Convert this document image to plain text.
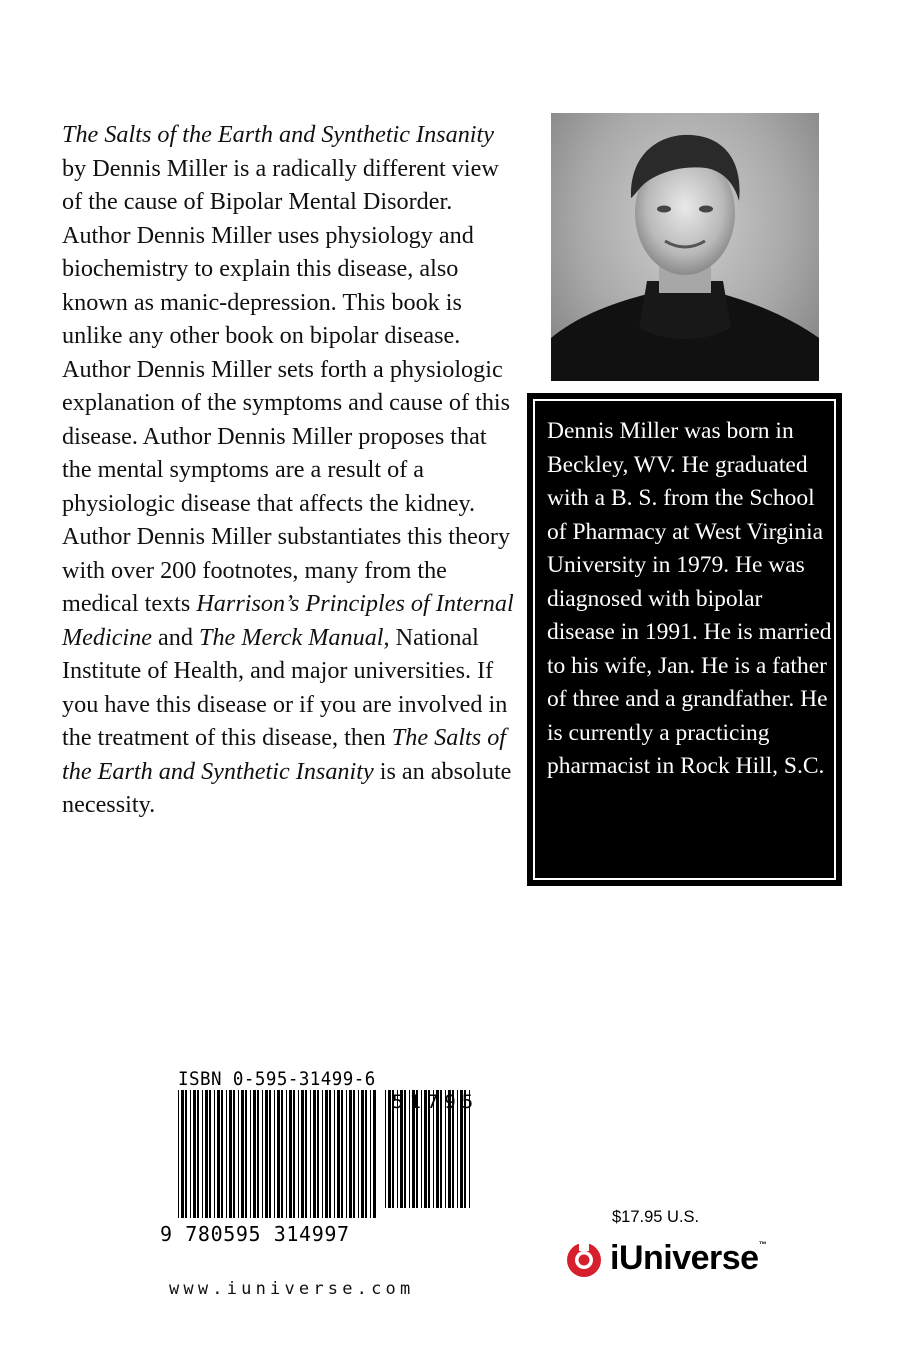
The Salts of the Earth and Synthetic Insanity by Dennis Miller is a radically different view of the cause of Bipolar Mental Disorder. Author Dennis Miller uses physiology and biochemistry to explain this disease, also known as manic-depression. This book is unlike any other book on bipolar disease. Author Dennis Miller sets forth a physiologic explanation of the symptoms and cause of this disease. Author Dennis Miller proposes that the mental symptoms are a result of a physiologic disease that affects the kidney. Author Dennis Miller substantiates this theory with over 200 footnotes, many from the medical texts Harrison’s Principles of Internal Medicine and The Merck Manual, National Institute of Health, and major universities. If you have this disease or if you are involved in the treatment of this disease, then The Salts of the Earth and Synthetic Insanity is an absolute necessity.

Dennis Miller was born in Beckley, WV. He graduated with a B. S. from the School of Pharmacy at West Virginia University in 1979. He was diagnosed with bipolar disease in 1991. He is married to his wife, Jan. He is a father of three and a grandfather. He is currently a practicing pharmacist in Rock Hill, S.C.

ISBN 0-595-31499-6

9 780595 314997

51795

www.iuniverse.com

$17.95 U.S.

iUniverse™
